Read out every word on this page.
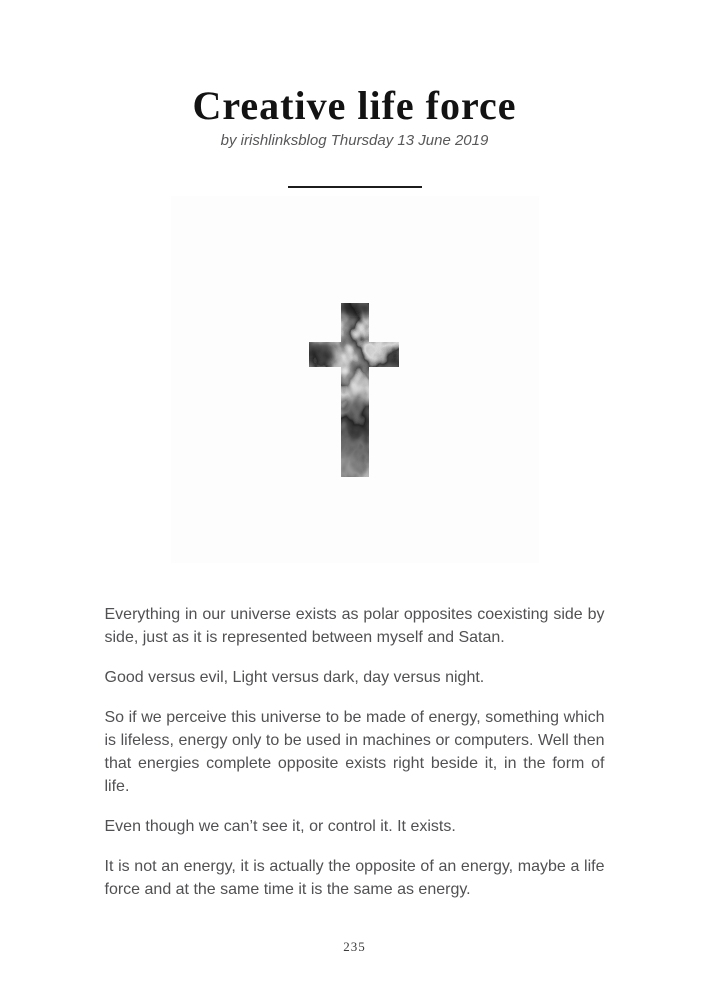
Creative life force

by irishlinksblog Thursday 13 June 2019

Everything in our universe exists as polar opposites coexisting side by side, just as it is represented between myself and Satan.

Good versus evil, Light versus dark, day versus night.

So if we perceive this universe to be made of energy, something which is lifeless, energy only to be used in machines or computers. Well then that energies complete opposite exists right beside it, in the form of life.

Even though we can’t see it, or control it. It exists.

It is not an energy, it is actually the opposite of an energy, maybe a life force and at the same time it is the same as energy.

235
